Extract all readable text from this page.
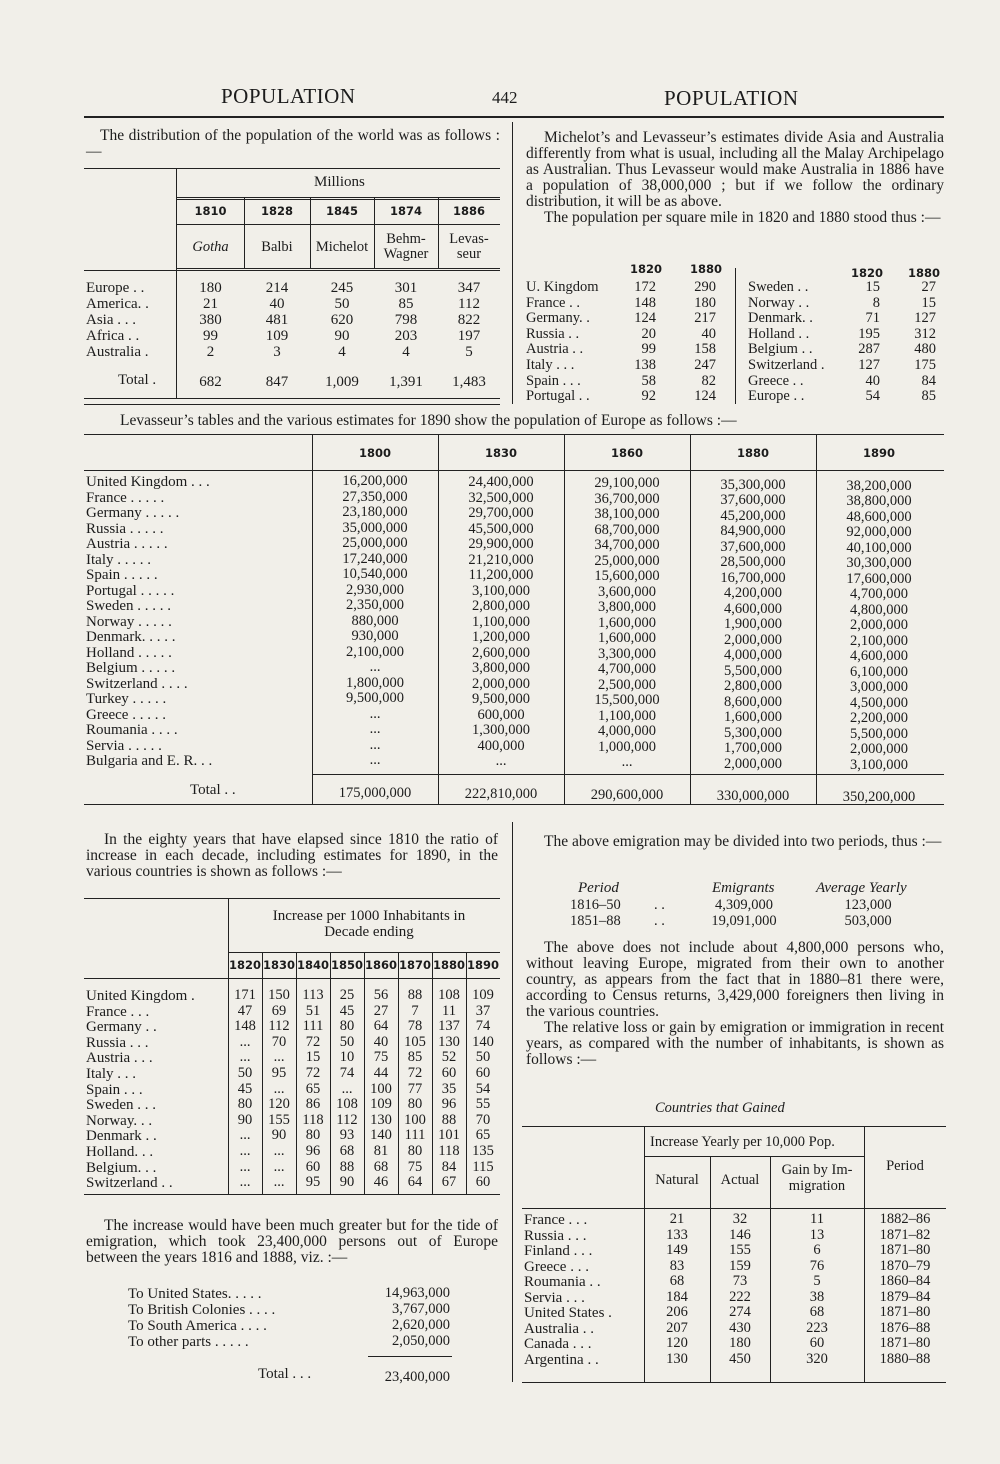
POPULATION	442	POPULATION

The distribution of the population of the world was as follows :—

Millions
1810	1828	1845	1874	1886
Gotha	Balbi	Michelot	Behm-
Wagner
Levas-
seur
Europe . .	180	214	245	301	347
America. .	21	40	50	85	112
Asia . . .	380	481	620	798	822
Africa . .	99	109	90	203	197
Australia .	2	3	4	4	5
Total .	682	847	1,009	1,391	1,483

Michelot’s and Levasseur’s estimates divide Asia and Australia differently from what is usual, including all the Malay Archipelago as Australian. Thus Levasseur would make Australia in 1886 have a population of 38,000,000 ; but if we follow the ordinary distribution, it will be as above.

The population per square mile in 1820 and 1880 stood thus :—

1820 1880	1820 1880
U. Kingdom	172	290
France . .	148	180
Germany. .	124	217
Russia . .	20	40
Austria . .	99	158
Italy . . .	138	247
Spain . . .	58	82
Portugal . .	92	124
Sweden . .	15	27
Norway . .	8	15
Denmark. .	71	127
Holland . .	195	312
Belgium . .	287	480
Switzerland .	127	175
Greece . .	40	84
Europe . .	54	85

Levasseur’s tables and the various estimates for 1890 show the population of Europe as follows :—

1800	1830	1860	1880	1890
United Kingdom . . .	16,200,000	24,400,000	29,100,000	35,300,000	38,200,000
France . . . . .	27,350,000	32,500,000	36,700,000	37,600,000	38,800,000
Germany . . . . .	23,180,000	29,700,000	38,100,000	45,200,000	48,600,000
Russia . . . . .	35,000,000	45,500,000	68,700,000	84,900,000	92,000,000
Austria . . . . .	25,000,000	29,900,000	34,700,000	37,600,000	40,100,000
Italy . . . . .	17,240,000	21,210,000	25,000,000	28,500,000	30,300,000
Spain . . . . .	10,540,000	11,200,000	15,600,000	16,700,000	17,600,000
Portugal . . . . .	2,930,000	3,100,000	3,600,000	4,200,000	4,700,000
Sweden . . . . .	2,350,000	2,800,000	3,800,000	4,600,000	4,800,000
Norway . . . . .	880,000	1,100,000	1,600,000	1,900,000	2,000,000
Denmark. . . . .	930,000	1,200,000	1,600,000	2,000,000	2,100,000
Holland . . . . .	2,100,000	2,600,000	3,300,000	4,000,000	4,600,000
Belgium . . . . .	...	3,800,000	4,700,000	5,500,000	6,100,000
Switzerland . . . .	1,800,000	2,000,000	2,500,000	2,800,000	3,000,000
Turkey . . . . .	9,500,000	9,500,000	15,500,000	8,600,000	4,500,000
Greece . . . . .	...	600,000	1,100,000	1,600,000	2,200,000
Roumania . . . .	...	1,300,000	4,000,000	5,300,000	5,500,000
Servia . . . . .	...	400,000	1,000,000	1,700,000	2,000,000
Bulgaria and E. R. . .	...	...	...	2,000,000	3,100,000
Total . .	175,000,000	222,810,000	290,600,000	330,000,000	350,200,000

In the eighty years that have elapsed since 1810 the ratio of increase in each decade, including estimates for 1890, in the various countries is shown as follows :—

Increase per 1000 Inhabitants in Decade ending
1820 1830 1840 1850 1860 1870 1880 1890
United Kingdom .	171 150 113	25	56	88	108 109
France . . .	47	69	51	45	27	7	11	37
Germany . .	148 112 111	80	64	78	137	74
Russia . . .	...	70	72	50	40	105 130 140
Austria . . .	...	...	15	10	75	85	52	50
Italy . . .	50	95	72	74	44	72	60	60
Spain . . .	45	...	65	...	100	77	35	54
Sweden . . .	80	120	86	108 109	80	96	55
Norway. . .	90	155 118 112 130 100	88	70
Denmark . .	...	90	80	93	140 111 101	65
Holland. . .	...	...	96	68	81	80	118 135
Belgium. . .	...	...	60	88	68	75	84	115
Switzerland . .	...	...	95	90	46	64	67	60

The increase would have been much greater but for the tide of emigration, which took 23,400,000 persons out of Europe between the years 1816 and 1888, viz. :—

To United States. . . . .	14,963,000
To British Colonies . . . .	3,767,000
To South America . . . .	2,620,000
To other parts . . . . .	2,050,000
Total . . .	23,400,000

The above emigration may be divided into two periods, thus :—

Period	Emigrants	Average Yearly
1816–50 . .	4,309,000	123,000
1851–88 . .	19,091,000	503,000

The above does not include about 4,800,000 persons who, without leaving Europe, migrated from their own to another country, as appears from the fact that in 1880–81 there were, according to Census returns, 3,429,000 foreigners then living in the various countries.

The relative loss or gain by emigration or immigration in recent years, as compared with the number of inhabitants, is shown as follows :—

Countries that Gained
Increase Yearly per 10,000 Pop.
Natural	Actual
Gain by Im-
migration
Period
France . . .	21	32	11	1882–86
Russia . . .	133	146	13	1871–82
Finland . . .	149	155	6	1871–80
Greece . . .	83	159	76	1870–79
Roumania . .	68	73	5	1860–84
Servia . . .	184	222	38	1879–84
United States .	206	274	68	1871–80
Australia . .	207	430	223	1876–88
Canada . . .	120	180	60	1871–80
Argentina . .	130	450	320	1880–88
